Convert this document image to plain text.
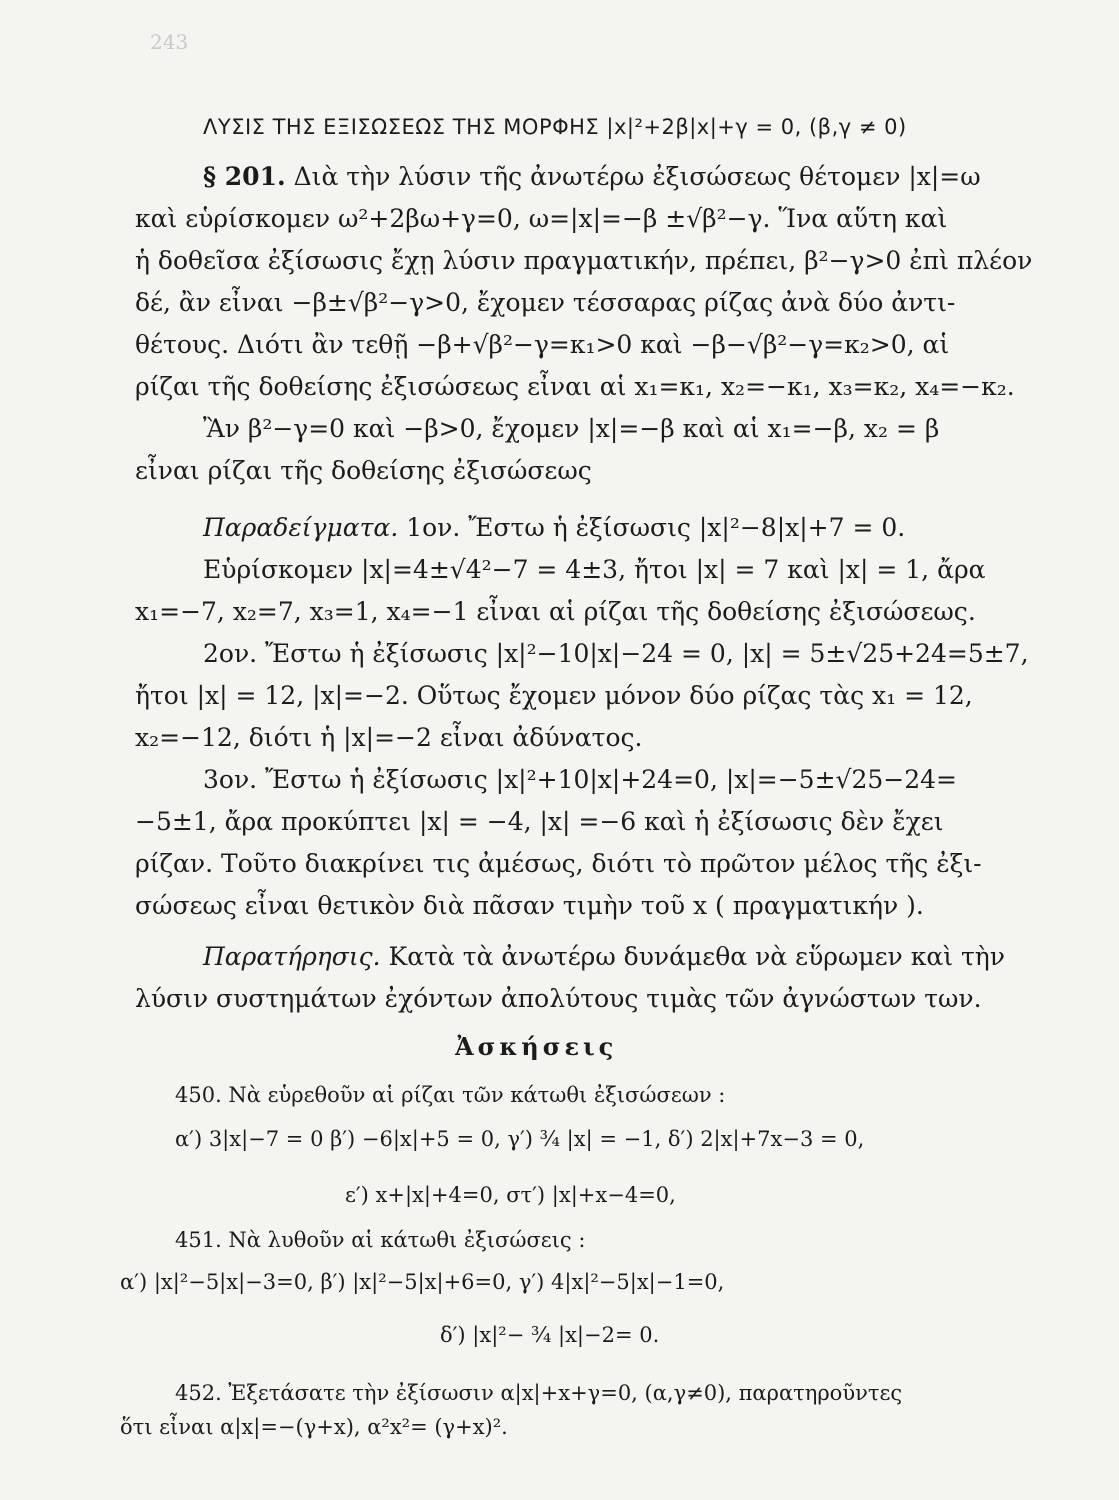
243
ΛΥΣΙΣ ΤΗΣ ΕΞΙΣΩΣΕΩΣ ΤΗΣ ΜΟΡΦΗΣ |x|²+2β|x|+γ = 0, (β,γ ≠ 0)
§ 201. Διὰ τὴν λύσιν τῆς ἀνωτέρω ἐξισώσεως θέτομεν |x|=ω
καὶ εὑρίσκομεν ω²+2βω+γ=0, ω=|x|=−β ±√β²−γ. Ἵνα αὕτη καὶ
ἡ δοθεῖσα ἐξίσωσις ἔχῃ λύσιν πραγματικήν, πρέπει, β²−γ>0 ἐπὶ πλέον
δέ, ἂν εἶναι −β±√β²−γ>0, ἔχομεν τέσσαρας ρίζας ἀνὰ δύο ἀντι-
θέτους. Διότι ἂν τεθῇ −β+√β²−γ=κ₁>0 καὶ −β−√β²−γ=κ₂>0, αἱ
ρίζαι τῆς δοθείσης ἐξισώσεως εἶναι αἱ x₁=κ₁, x₂=−κ₁, x₃=κ₂, x₄=−κ₂.
Ἂν β²−γ=0 καὶ −β>0, ἔχομεν |x|=−β καὶ αἱ x₁=−β, x₂ = β
εἶναι ρίζαι τῆς δοθείσης ἐξισώσεως
Παραδείγματα. 1ον. Ἔστω ἡ ἐξίσωσις |x|²−8|x|+7 = 0.
Εὑρίσκομεν |x|=4±√4²−7 = 4±3, ἤτοι |x| = 7 καὶ |x| = 1, ἄρα
x₁=−7, x₂=7, x₃=1, x₄=−1 εἶναι αἱ ρίζαι τῆς δοθείσης ἐξισώσεως.
2ον. Ἔστω ἡ ἐξίσωσις |x|²−10|x|−24 = 0, |x| = 5±√25+24=5±7,
ἤτοι |x| = 12, |x|=−2. Οὕτως ἔχομεν μόνον δύο ρίζας τὰς x₁ = 12,
x₂=−12, διότι ἡ |x|=−2 εἶναι ἀδύνατος.
3ον. Ἔστω ἡ ἐξίσωσις |x|²+10|x|+24=0, |x|=−5±√25−24=
−5±1, ἄρα προκύπτει |x| = −4, |x| =−6 καὶ ἡ ἐξίσωσις δὲν ἔχει
ρίζαν. Τοῦτο διακρίνει τις ἀμέσως, διότι τὸ πρῶτον μέλος τῆς ἐξι-
σώσεως εἶναι θετικὸν διὰ πᾶσαν τιμὴν τοῦ x ( πραγματικήν ).
Παρατήρησις. Κατὰ τὰ ἀνωτέρω δυνάμεθα νὰ εὕρωμεν καὶ τὴν
λύσιν συστημάτων ἐχόντων ἀπολύτους τιμὰς τῶν ἀγνώστων των.
Ἀσκήσεις
450. Νὰ εὑρεθοῦν αἱ ρίζαι τῶν κάτωθι ἐξισώσεων :
α′) 3|x|−7 = 0 β′) −6|x|+5 = 0, γ′) ¾ |x| = −1, δ′) 2|x|+7x−3 = 0,
ε′) x+|x|+4=0, στ′) |x|+x−4=0,
451. Νὰ λυθοῦν αἱ κάτωθι ἐξισώσεις :
α′) |x|²−5|x|−3=0, β′) |x|²−5|x|+6=0, γ′) 4|x|²−5|x|−1=0,
δ′) |x|²− ¾ |x|−2= 0.
452. Ἐξετάσατε τὴν ἐξίσωσιν α|x|+x+γ=0, (α,γ≠0), παρατηροῦντες
ὅτι εἶναι α|x|=−(γ+x), α²x²= (γ+x)².
